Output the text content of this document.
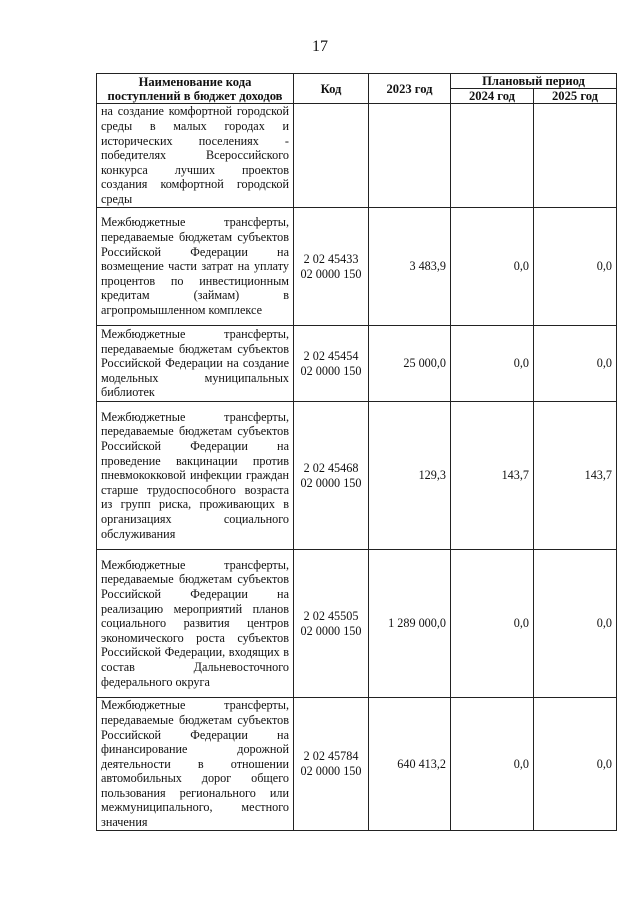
17
Наименование кода поступлений в бюджет доходов	Код	2023 год	Плановый период	
			2024 год	2025 год
на создание комфортной городской среды в малых городах и исторических поселениях - победителях Всероссийского конкурса лучших проектов создания комфортной городской среды				
Межбюджетные трансферты, передаваемые бюджетам субъектов Российской Федерации на возмещение части затрат на уплату процентов по инвестиционным кредитам (займам) в агропромышленном комплексе	2 02 45433 02 0000 150	3 483,9	0,0	0,0
Межбюджетные трансферты, передаваемые бюджетам субъектов Российской Федерации на создание модельных муниципальных библиотек	2 02 45454 02 0000 150	25 000,0	0,0	0,0
Межбюджетные трансферты, передаваемые бюджетам субъектов Российской Федерации на проведение вакцинации против пневмококковой инфекции граждан старше трудоспособного возраста из групп риска, проживающих в организациях социального обслуживания	2 02 45468 02 0000 150	129,3	143,7	143,7
Межбюджетные трансферты, передаваемые бюджетам субъектов Российской Федерации на реализацию мероприятий планов социального развития центров экономического роста субъектов Российской Федерации, входящих в состав Дальневосточного федерального округа	2 02 45505 02 0000 150	1 289 000,0	0,0	0,0
Межбюджетные трансферты, передаваемые бюджетам субъектов Российской Федерации на финансирование дорожной деятельности в отношении автомобильных дорог общего пользования регионального или межмуниципального, местного значения	2 02 45784 02 0000 150	640 413,2	0,0	0,0
